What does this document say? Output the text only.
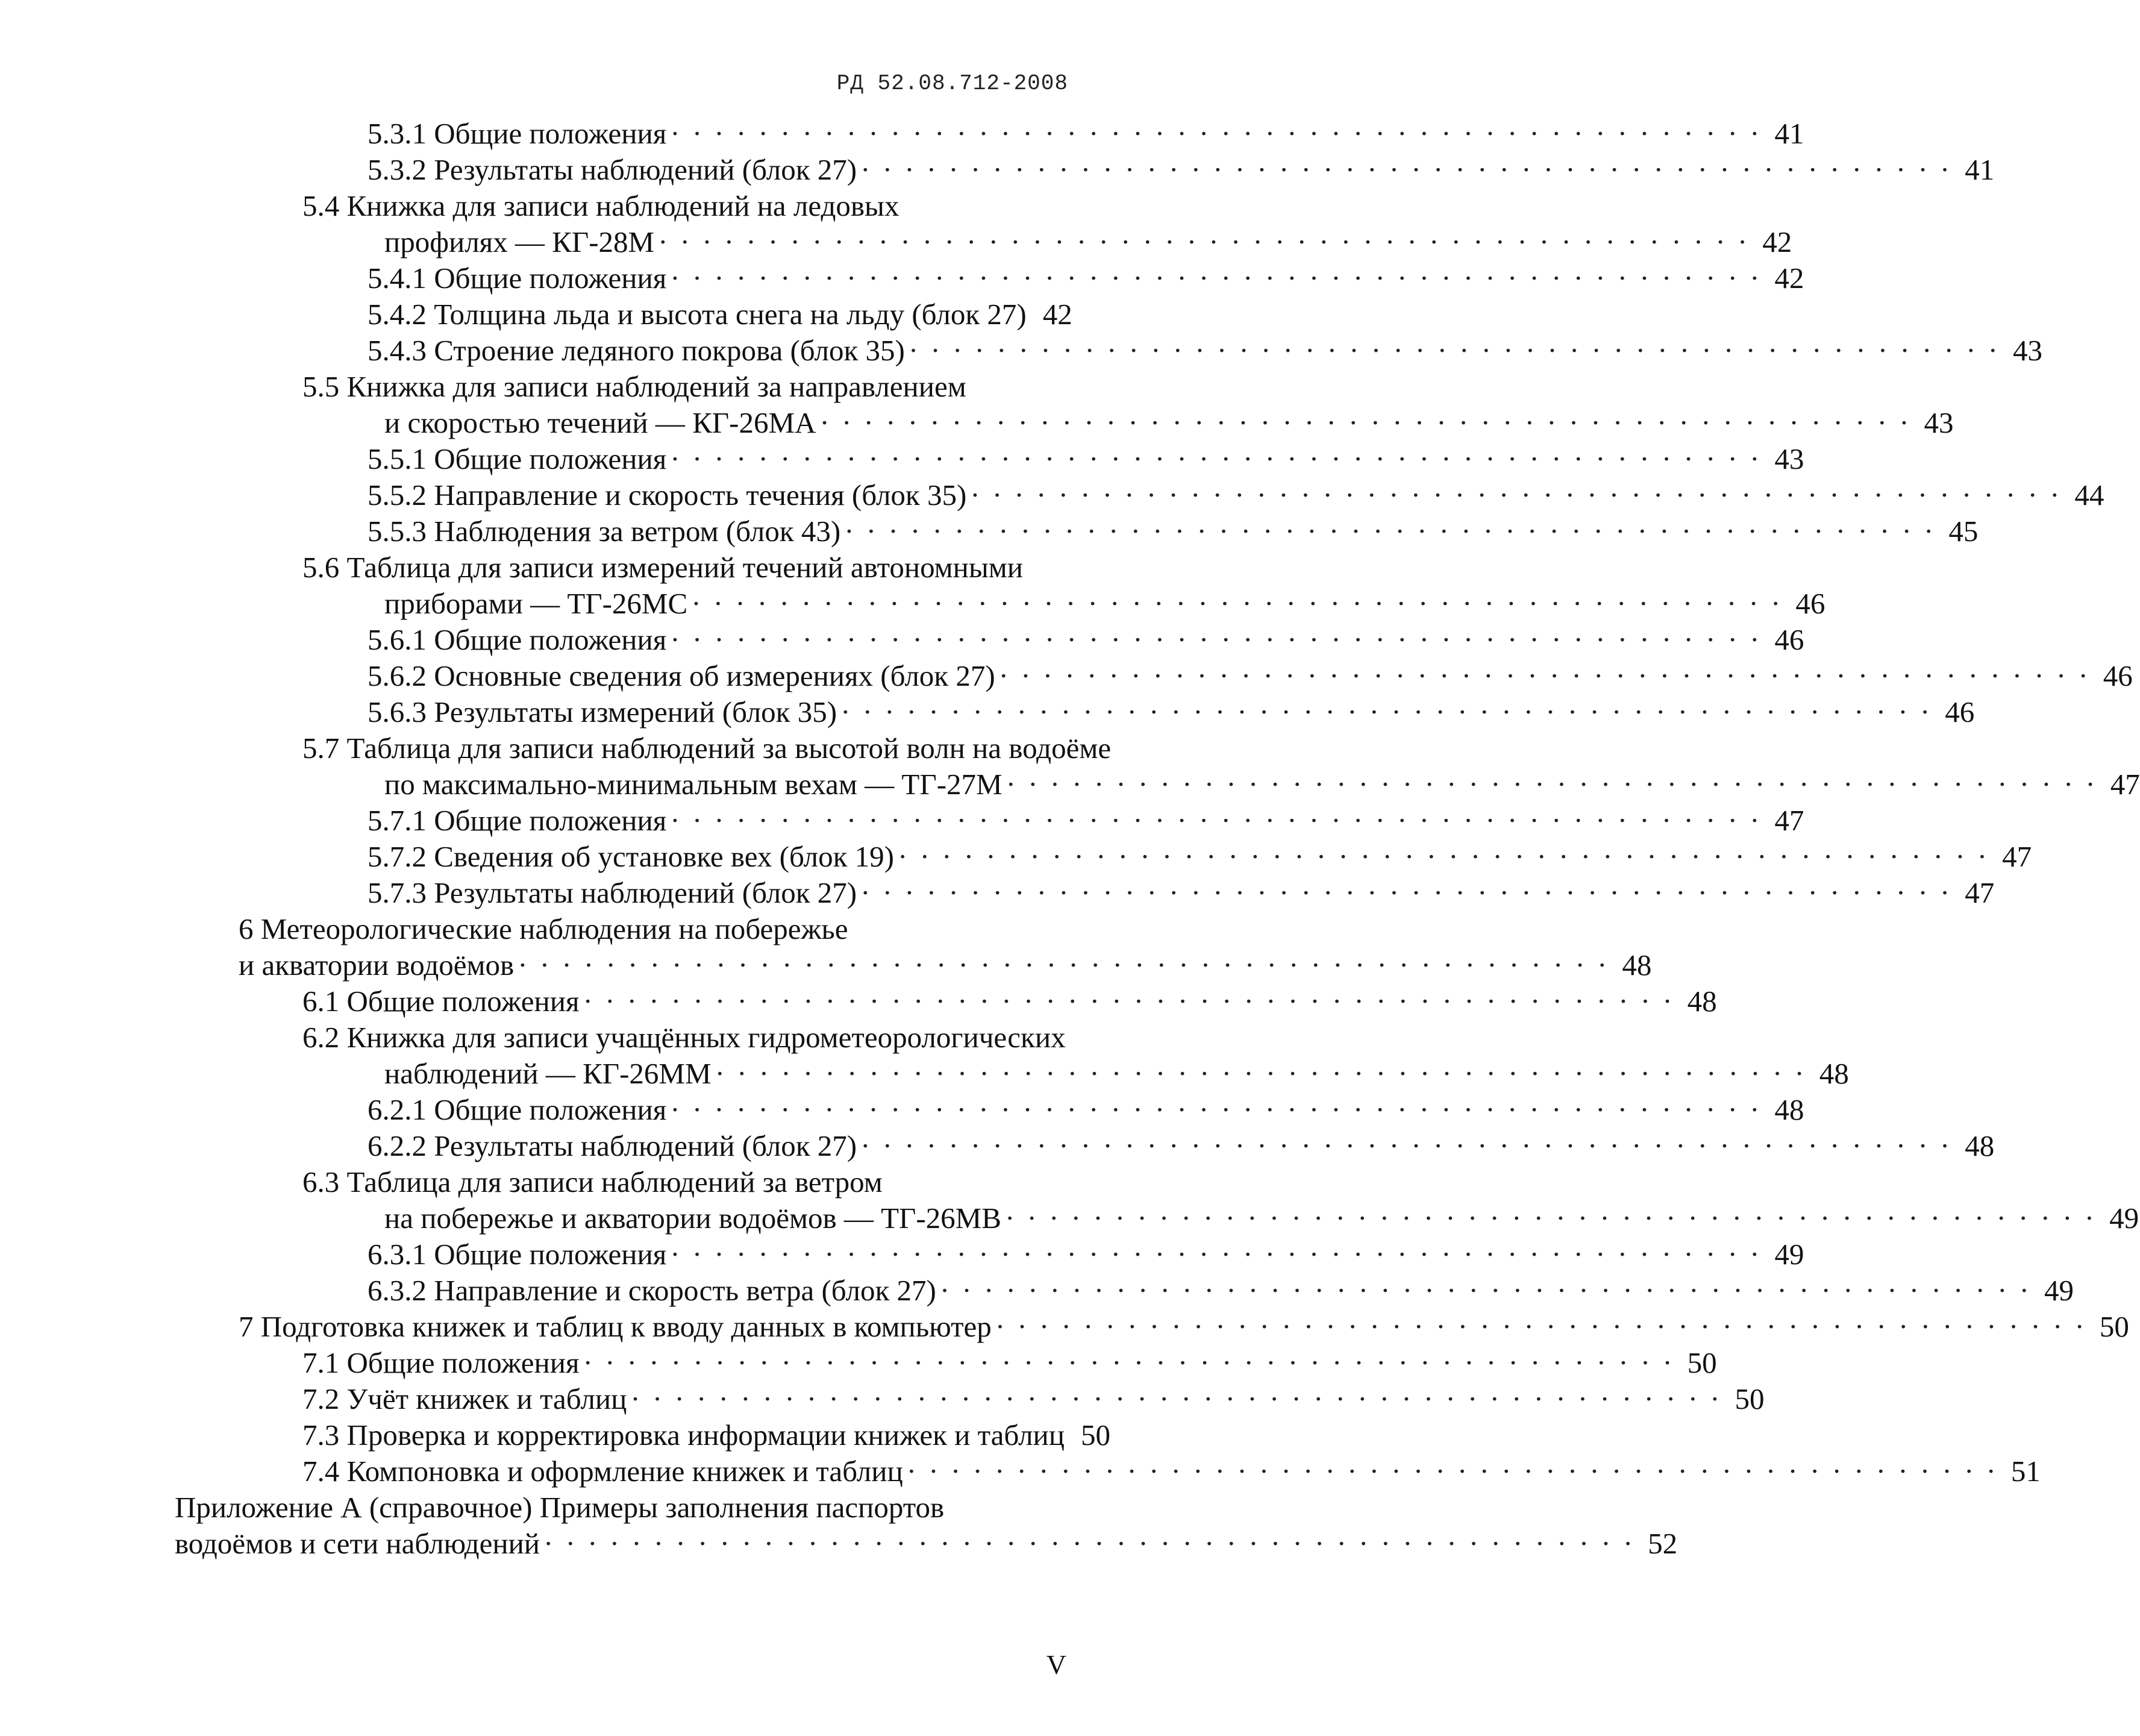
РД 52.08.712-2008
5.3.1 Общие положения · · · · · · · · · · · · · · · · · · · · · · · · · · · · · · · · · · · · · · · · · · · · · · · · · · 41
5.3.2 Результаты наблюдений (блок 27) · · · · · · · · · · · · · · · · · · · · · · · · · · · · · · · · · · · · · · · · · · · · · · · · · · 41
5.4 Книжка для записи наблюдений на ледовых
профилях — КГ-28М · · · · · · · · · · · · · · · · · · · · · · · · · · · · · · · · · · · · · · · · · · · · · · · · · · 42
5.4.1 Общие положения · · · · · · · · · · · · · · · · · · · · · · · · · · · · · · · · · · · · · · · · · · · · · · · · · · 42
5.4.2 Толщина льда и высота снега на льду (блок 27) 42
5.4.3 Строение ледяного покрова (блок 35) · · · · · · · · · · · · · · · · · · · · · · · · · · · · · · · · · · · · · · · · · · · · · · · · · · 43
5.5 Книжка для записи наблюдений за направлением
и скоростью течений — КГ-26МА · · · · · · · · · · · · · · · · · · · · · · · · · · · · · · · · · · · · · · · · · · · · · · · · · · 43
5.5.1 Общие положения · · · · · · · · · · · · · · · · · · · · · · · · · · · · · · · · · · · · · · · · · · · · · · · · · · 43
5.5.2 Направление и скорость течения (блок 35) · · · · · · · · · · · · · · · · · · · · · · · · · · · · · · · · · · · · · · · · · · · · · · · · · · 44
5.5.3 Наблюдения за ветром (блок 43) · · · · · · · · · · · · · · · · · · · · · · · · · · · · · · · · · · · · · · · · · · · · · · · · · · 45
5.6 Таблица для записи измерений течений автономными
приборами — ТГ-26МС · · · · · · · · · · · · · · · · · · · · · · · · · · · · · · · · · · · · · · · · · · · · · · · · · · 46
5.6.1 Общие положения · · · · · · · · · · · · · · · · · · · · · · · · · · · · · · · · · · · · · · · · · · · · · · · · · · 46
5.6.2 Основные сведения об измерениях (блок 27) · · · · · · · · · · · · · · · · · · · · · · · · · · · · · · · · · · · · · · · · · · · · · · · · · · 46
5.6.3 Результаты измерений (блок 35) · · · · · · · · · · · · · · · · · · · · · · · · · · · · · · · · · · · · · · · · · · · · · · · · · · 46
5.7 Таблица для записи наблюдений за высотой волн на водоёме
по максимально-минимальным вехам — ТГ-27М · · · · · · · · · · · · · · · · · · · · · · · · · · · · · · · · · · · · · · · · · · · · · · · · · · 47
5.7.1 Общие положения · · · · · · · · · · · · · · · · · · · · · · · · · · · · · · · · · · · · · · · · · · · · · · · · · · 47
5.7.2 Сведения об установке вех (блок 19) · · · · · · · · · · · · · · · · · · · · · · · · · · · · · · · · · · · · · · · · · · · · · · · · · · 47
5.7.3 Результаты наблюдений (блок 27) · · · · · · · · · · · · · · · · · · · · · · · · · · · · · · · · · · · · · · · · · · · · · · · · · · 47
6 Метеорологические наблюдения на побережье
и акватории водоёмов · · · · · · · · · · · · · · · · · · · · · · · · · · · · · · · · · · · · · · · · · · · · · · · · · · 48
6.1 Общие положения · · · · · · · · · · · · · · · · · · · · · · · · · · · · · · · · · · · · · · · · · · · · · · · · · · 48
6.2 Книжка для записи учащённых гидрометеорологических
наблюдений — КГ-26ММ · · · · · · · · · · · · · · · · · · · · · · · · · · · · · · · · · · · · · · · · · · · · · · · · · · 48
6.2.1 Общие положения · · · · · · · · · · · · · · · · · · · · · · · · · · · · · · · · · · · · · · · · · · · · · · · · · · 48
6.2.2 Результаты наблюдений (блок 27) · · · · · · · · · · · · · · · · · · · · · · · · · · · · · · · · · · · · · · · · · · · · · · · · · · 48
6.3 Таблица для записи наблюдений за ветром
на побережье и акватории водоёмов — ТГ-26МВ · · · · · · · · · · · · · · · · · · · · · · · · · · · · · · · · · · · · · · · · · · · · · · · · · · 49
6.3.1 Общие положения · · · · · · · · · · · · · · · · · · · · · · · · · · · · · · · · · · · · · · · · · · · · · · · · · · 49
6.3.2 Направление и скорость ветра (блок 27) · · · · · · · · · · · · · · · · · · · · · · · · · · · · · · · · · · · · · · · · · · · · · · · · · · 49
7 Подготовка книжек и таблиц к вводу данных в компьютер · · · · · · · · · · · · · · · · · · · · · · · · · · · · · · · · · · · · · · · · · · · · · · · · · · 50
7.1 Общие положения · · · · · · · · · · · · · · · · · · · · · · · · · · · · · · · · · · · · · · · · · · · · · · · · · · 50
7.2 Учёт книжек и таблиц · · · · · · · · · · · · · · · · · · · · · · · · · · · · · · · · · · · · · · · · · · · · · · · · · · 50
7.3 Проверка и корректировка информации книжек и таблиц 50
7.4 Компоновка и оформление книжек и таблиц · · · · · · · · · · · · · · · · · · · · · · · · · · · · · · · · · · · · · · · · · · · · · · · · · · 51
Приложение А (справочное) Примеры заполнения паспортов
водоёмов и сети наблюдений · · · · · · · · · · · · · · · · · · · · · · · · · · · · · · · · · · · · · · · · · · · · · · · · · · 52
V
